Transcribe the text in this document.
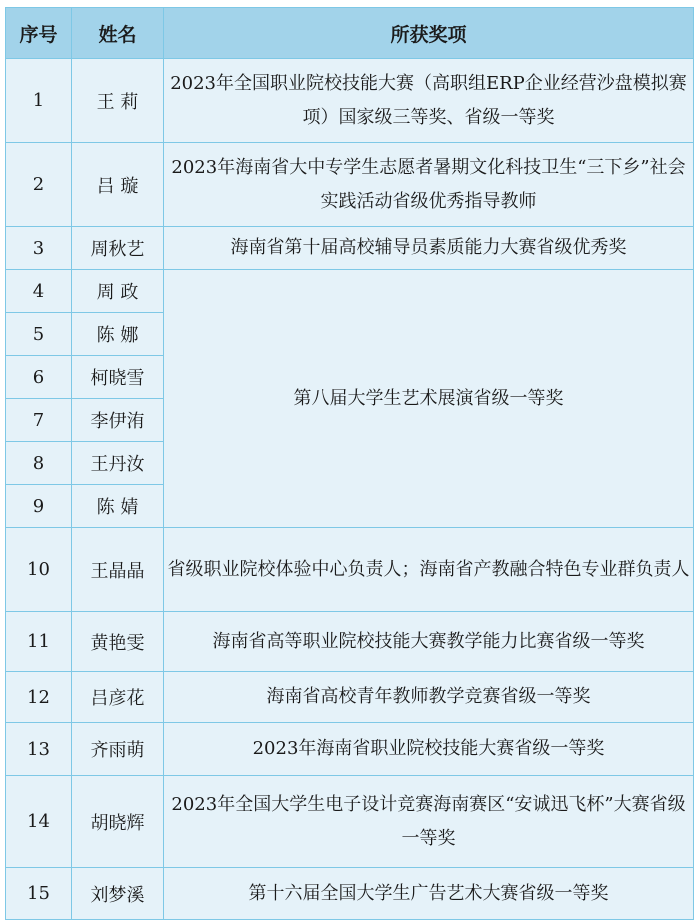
序号	姓名	所获奖项
1	王 莉	2023年全国职业院校技能大赛（高职组ERP企业经营沙盘模拟赛项）国家级三等奖、省级一等奖
2	吕 璇	2023年海南省大中专学生志愿者暑期文化科技卫生“三下乡”社会实践活动省级优秀指导教师
3	周秋艺	海南省第十届高校辅导员素质能力大赛省级优秀奖
4	周 政	第八届大学生艺术展演省级一等奖
5	陈 娜	
6	柯晓雪	
7	李伊洧	
8	王丹汝	
9	陈 婧	
10	王晶晶	省级职业院校体验中心负责人；海南省产教融合特色专业群负责人
11	黄艳雯	海南省高等职业院校技能大赛教学能力比赛省级一等奖
12	吕彦花	海南省高校青年教师教学竞赛省级一等奖
13	齐雨萌	2023年海南省职业院校技能大赛省级一等奖
14	胡晓辉	2023年全国大学生电子设计竞赛海南赛区“安诚迅飞杯”大赛省级一等奖
15	刘梦溪	第十六届全国大学生广告艺术大赛省级一等奖
